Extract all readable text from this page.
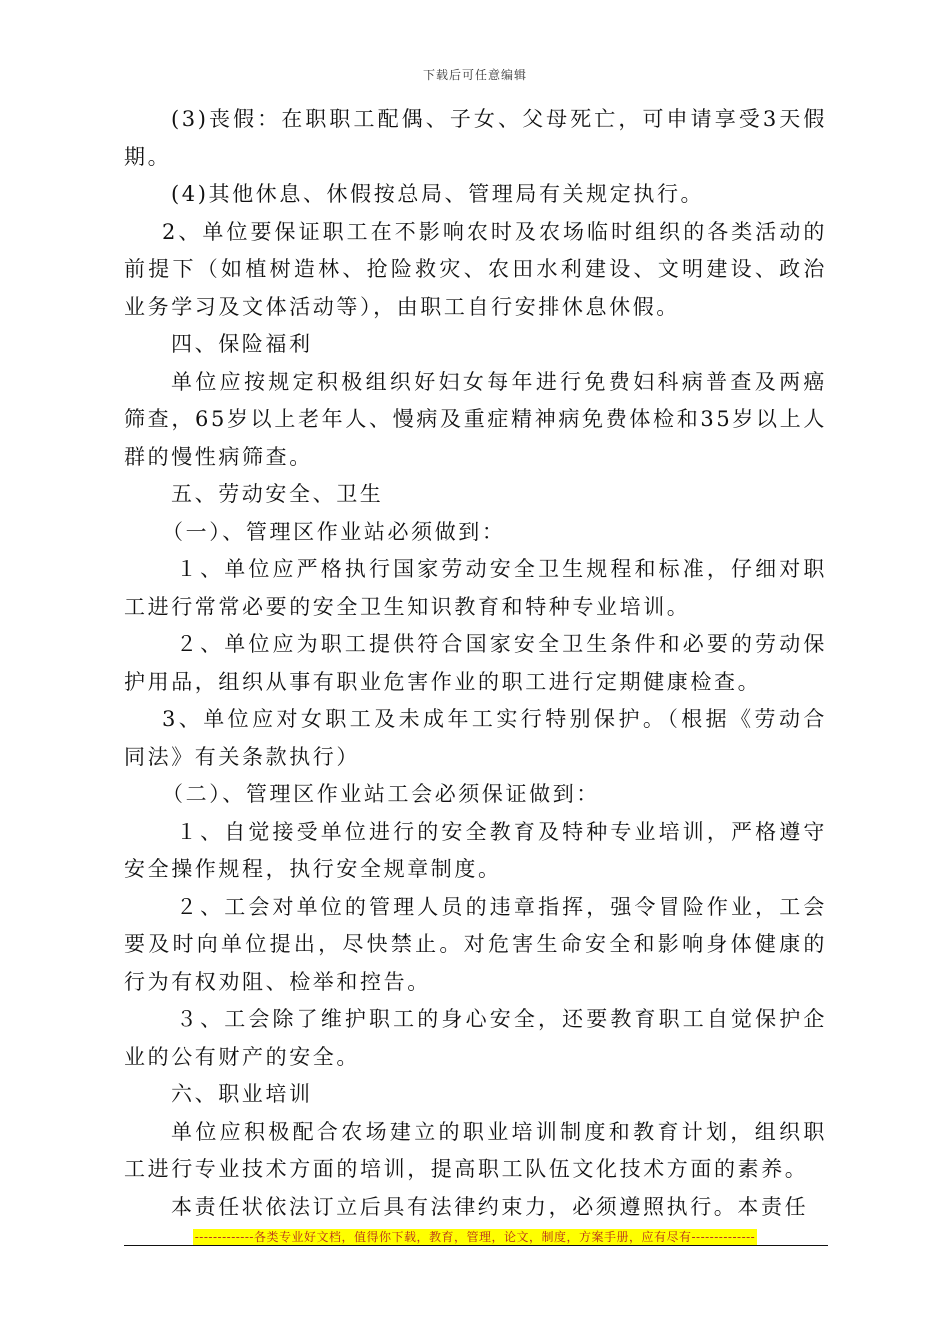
下载后可任意编辑

(3)丧假：在职职工配偶、子女、父母死亡，可申请享受3天假期。

(4)其他休息、休假按总局、管理局有关规定执行。

2、单位要保证职工在不影响农时及农场临时组织的各类活动的前提下（如植树造林、抢险救灾、农田水利建设、文明建设、政治业务学习及文体活动等），由职工自行安排休息休假。

四、保险福利

单位应按规定积极组织好妇女每年进行免费妇科病普查及两癌筛查，65岁以上老年人、慢病及重症精神病免费体检和35岁以上人群的慢性病筛查。

五、劳动安全、卫生

（一）、管理区作业站必须做到：

１、单位应严格执行国家劳动安全卫生规程和标准，仔细对职工进行常常必要的安全卫生知识教育和特种专业培训。

２、单位应为职工提供符合国家安全卫生条件和必要的劳动保护用品，组织从事有职业危害作业的职工进行定期健康检查。

3、单位应对女职工及未成年工实行特别保护。（根据《劳动合同法》有关条款执行）

（二）、管理区作业站工会必须保证做到：

１、自觉接受单位进行的安全教育及特种专业培训，严格遵守安全操作规程，执行安全规章制度。

２、工会对单位的管理人员的违章指挥，强令冒险作业，工会要及时向单位提出，尽快禁止。对危害生命安全和影响身体健康的行为有权劝阻、检举和控告。

３、工会除了维护职工的身心安全，还要教育职工自觉保护企业的公有财产的安全。

六、职业培训

单位应积极配合农场建立的职业培训制度和教育计划，组织职工进行专业技术方面的培训，提高职工队伍文化技术方面的素养。

本责任状依法订立后具有法律约束力，必须遵照执行。本责任

-------------各类专业好文档，值得你下载，教育，管理，论文，制度，方案手册，应有尽有--------------
